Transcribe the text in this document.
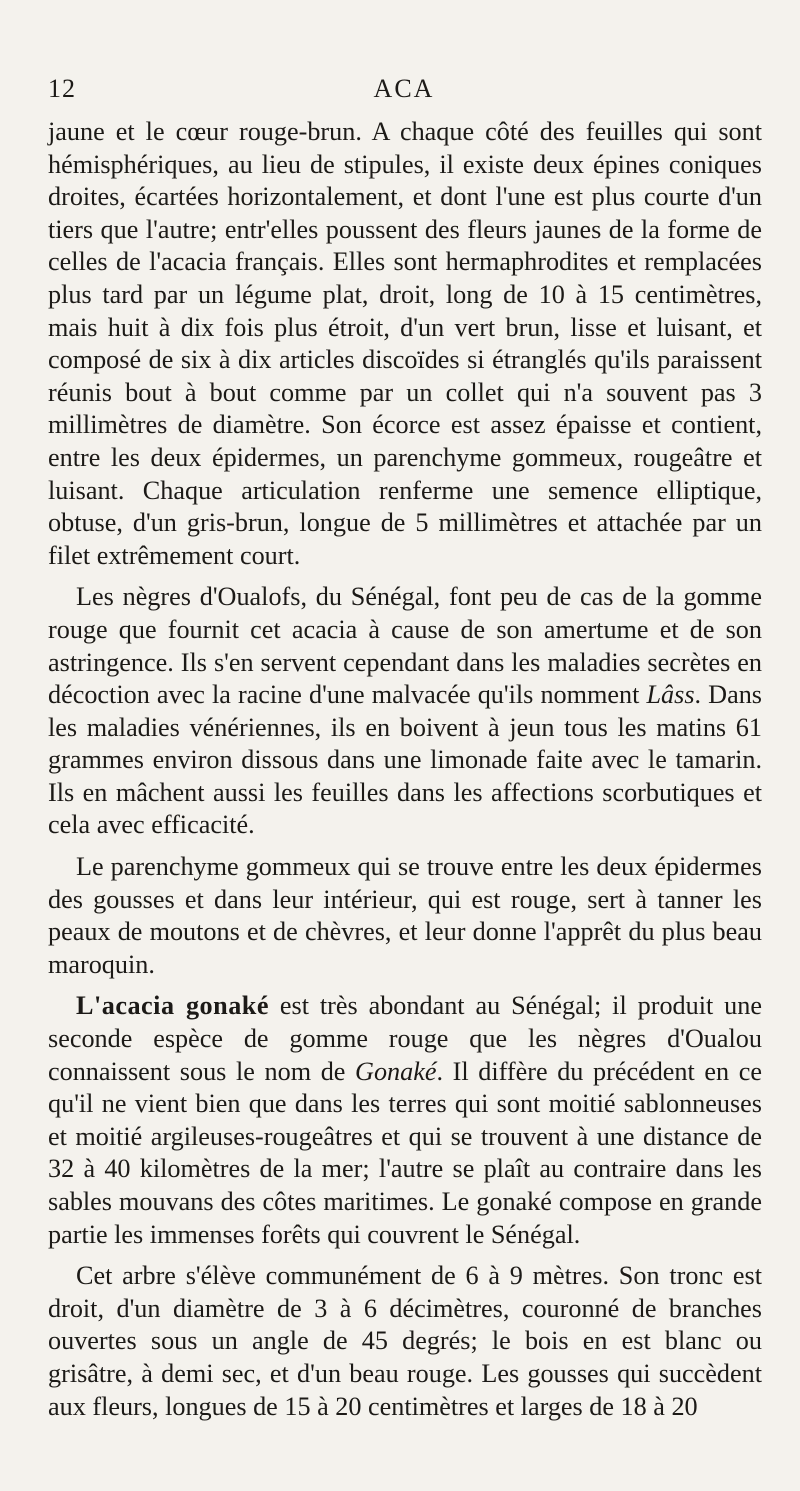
12	ACA

jaune et le cœur rouge-brun. A chaque côté des feuilles qui sont hémisphériques, au lieu de stipules, il existe deux épines coniques droites, écartées horizontalement, et dont l'une est plus courte d'un tiers que l'autre; entr'elles poussent des fleurs jaunes de la forme de celles de l'acacia français. Elles sont hermaphrodites et remplacées plus tard par un légume plat, droit, long de 10 à 15 centimètres, mais huit à dix fois plus étroit, d'un vert brun, lisse et luisant, et composé de six à dix articles discoïdes si étranglés qu'ils paraissent réunis bout à bout comme par un collet qui n'a souvent pas 3 millimètres de diamètre. Son écorce est assez épaisse et contient, entre les deux épidermes, un parenchyme gommeux, rougeâtre et luisant. Chaque articulation renferme une semence elliptique, obtuse, d'un gris-brun, longue de 5 millimètres et attachée par un filet extrêmement court.

Les nègres d'Oualofs, du Sénégal, font peu de cas de la gomme rouge que fournit cet acacia à cause de son amertume et de son astringence. Ils s'en servent cependant dans les maladies secrètes en décoction avec la racine d'une malvacée qu'ils nomment Lâss. Dans les maladies vénériennes, ils en boivent à jeun tous les matins 61 grammes environ dissous dans une limonade faite avec le tamarin. Ils en mâchent aussi les feuilles dans les affections scorbutiques et cela avec efficacité.

Le parenchyme gommeux qui se trouve entre les deux épidermes des gousses et dans leur intérieur, qui est rouge, sert à tanner les peaux de moutons et de chèvres, et leur donne l'apprêt du plus beau maroquin.

L'acacia gonaké est très abondant au Sénégal; il produit une seconde espèce de gomme rouge que les nègres d'Oualou connaissent sous le nom de Gonaké. Il diffère du précédent en ce qu'il ne vient bien que dans les terres qui sont moitié sablonneuses et moitié argileuses-rougeâtres et qui se trouvent à une distance de 32 à 40 kilomètres de la mer; l'autre se plaît au contraire dans les sables mouvans des côtes maritimes. Le gonaké compose en grande partie les immenses forêts qui couvrent le Sénégal.

Cet arbre s'élève communément de 6 à 9 mètres. Son tronc est droit, d'un diamètre de 3 à 6 décimètres, couronné de branches ouvertes sous un angle de 45 degrés; le bois en est blanc ou grisâtre, à demi sec, et d'un beau rouge. Les gousses qui succèdent aux fleurs, longues de 15 à 20 centimètres et larges de 18 à 20
